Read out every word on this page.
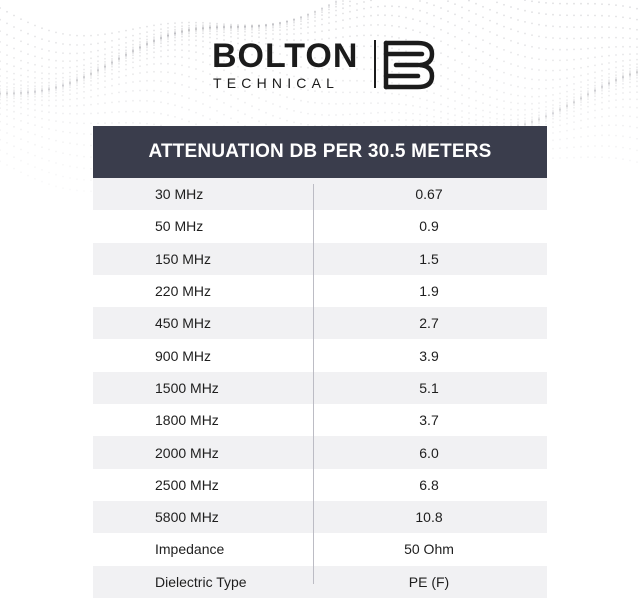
BOLTON
TECHNICAL
ATTENUATION DB PER 30.5 METERS
30 MHz	0.67
50 MHz	0.9
150 MHz	1.5
220 MHz	1.9
450 MHz	2.7
900 MHz	3.9
1500 MHz	5.1
1800 MHz	3.7
2000 MHz	6.0
2500 MHz	6.8
5800 MHz	10.8
Impedance	50 Ohm
Dielectric Type	PE (F)
